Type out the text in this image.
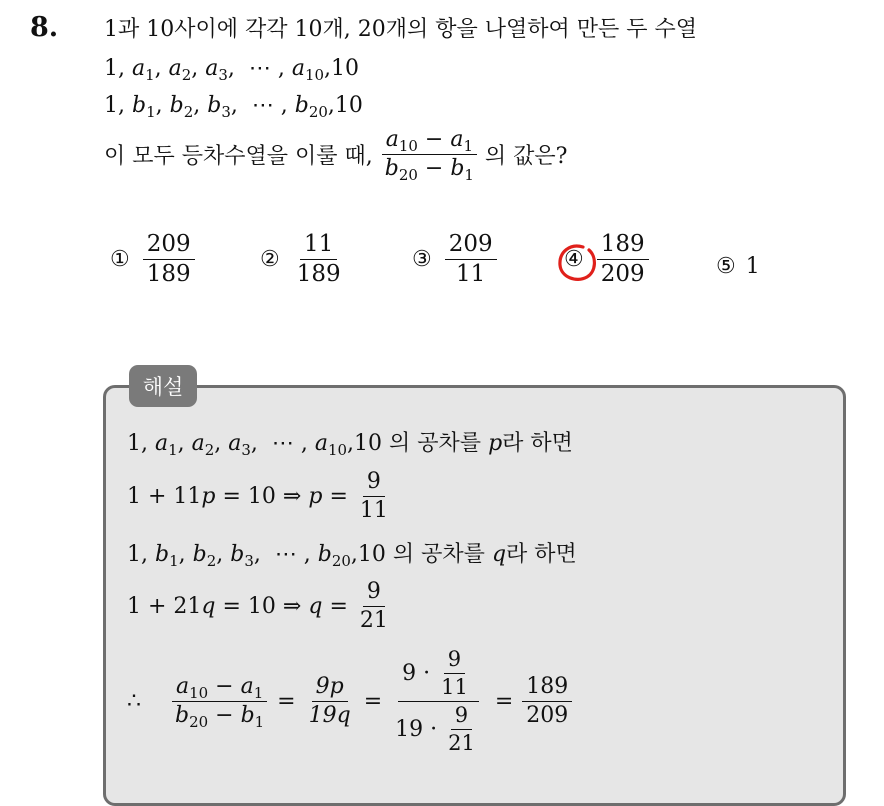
8. 1과 10사이에 각각 10개, 20개의 항을 나열하여 만든 두 수열
1, $a_1$, $a_2$, $a_3$,  ⋯ , $a_{10},10$
1, $b_1$, $b_2$, $b_3$,  ⋯ , $b_{20},10$
이 모두 등차수열을 이룰 때, $\frac{a_{10} - a_1}{b_{20} - b_1}$ 의 값은?
① $\frac{209}{189}$	② $\frac{11}{189}$	③ $\frac{209}{11}$	④ $\frac{189}{209}$	⑤ 1
해설
1, $a_1$, $a_2$, $a_3$,  ⋯ , $a_{10},10$ 의 공차를 p라 하면
1 + 11 p = 10 ⇒ $p = \frac{9}{11}$
1, $b_1$, $b_2$, $b_3$,  ⋯ , $b_{20},10$ 의 공차를 q라 하면
1 + 21 q = 10 ⇒ $q = \frac{9}{21}$
∴ $\frac{a_{10} - a_1}{b_{20} - b_1} = \frac{9p}{19q} = \frac{9 \cdot \frac{9}{11}}{19 \cdot \frac{9}{21}} = \frac{189}{209}$
